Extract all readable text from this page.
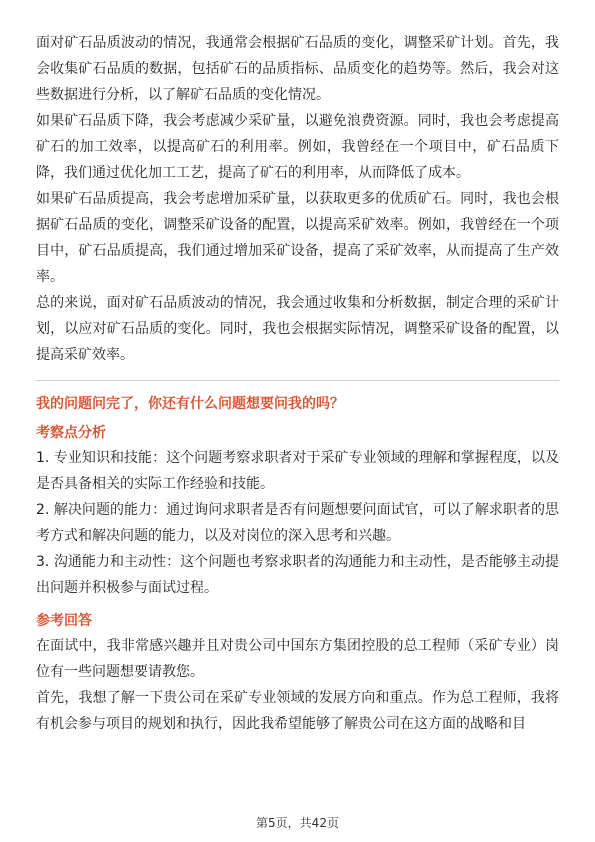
面对矿石品质波动的情况，我通常会根据矿石品质的变化，调整采矿计划。首先，我会收集矿石品质的数据，包括矿石的品质指标、品质变化的趋势等。然后，我会对这些数据进行分析，以了解矿石品质的变化情况。

如果矿石品质下降，我会考虑减少采矿量，以避免浪费资源。同时，我也会考虑提高矿石的加工效率，以提高矿石的利用率。例如，我曾经在一个项目中，矿石品质下降，我们通过优化加工工艺，提高了矿石的利用率，从而降低了成本。

如果矿石品质提高，我会考虑增加采矿量，以获取更多的优质矿石。同时，我也会根据矿石品质的变化，调整采矿设备的配置，以提高采矿效率。例如，我曾经在一个项目中，矿石品质提高，我们通过增加采矿设备，提高了采矿效率，从而提高了生产效率。

总的来说，面对矿石品质波动的情况，我会通过收集和分析数据，制定合理的采矿计划，以应对矿石品质的变化。同时，我也会根据实际情况，调整采矿设备的配置，以提高采矿效率。

我的问题问完了，你还有什么问题想要问我的吗？

考察点分析

1. 专业知识和技能：这个问题考察求职者对于采矿专业领域的理解和掌握程度，以及是否具备相关的实际工作经验和技能。

2. 解决问题的能力：通过询问求职者是否有问题想要问面试官，可以了解求职者的思考方式和解决问题的能力，以及对岗位的深入思考和兴趣。

3. 沟通能力和主动性：这个问题也考察求职者的沟通能力和主动性，是否能够主动提出问题并积极参与面试过程。

参考回答

在面试中，我非常感兴趣并且对贵公司中国东方集团控股的总工程师（采矿专业）岗位有一些问题想要请教您。

首先，我想了解一下贵公司在采矿专业领域的发展方向和重点。作为总工程师，我将有机会参与项目的规划和执行，因此我希望能够了解贵公司在这方面的战略和目

第5页，共42页
